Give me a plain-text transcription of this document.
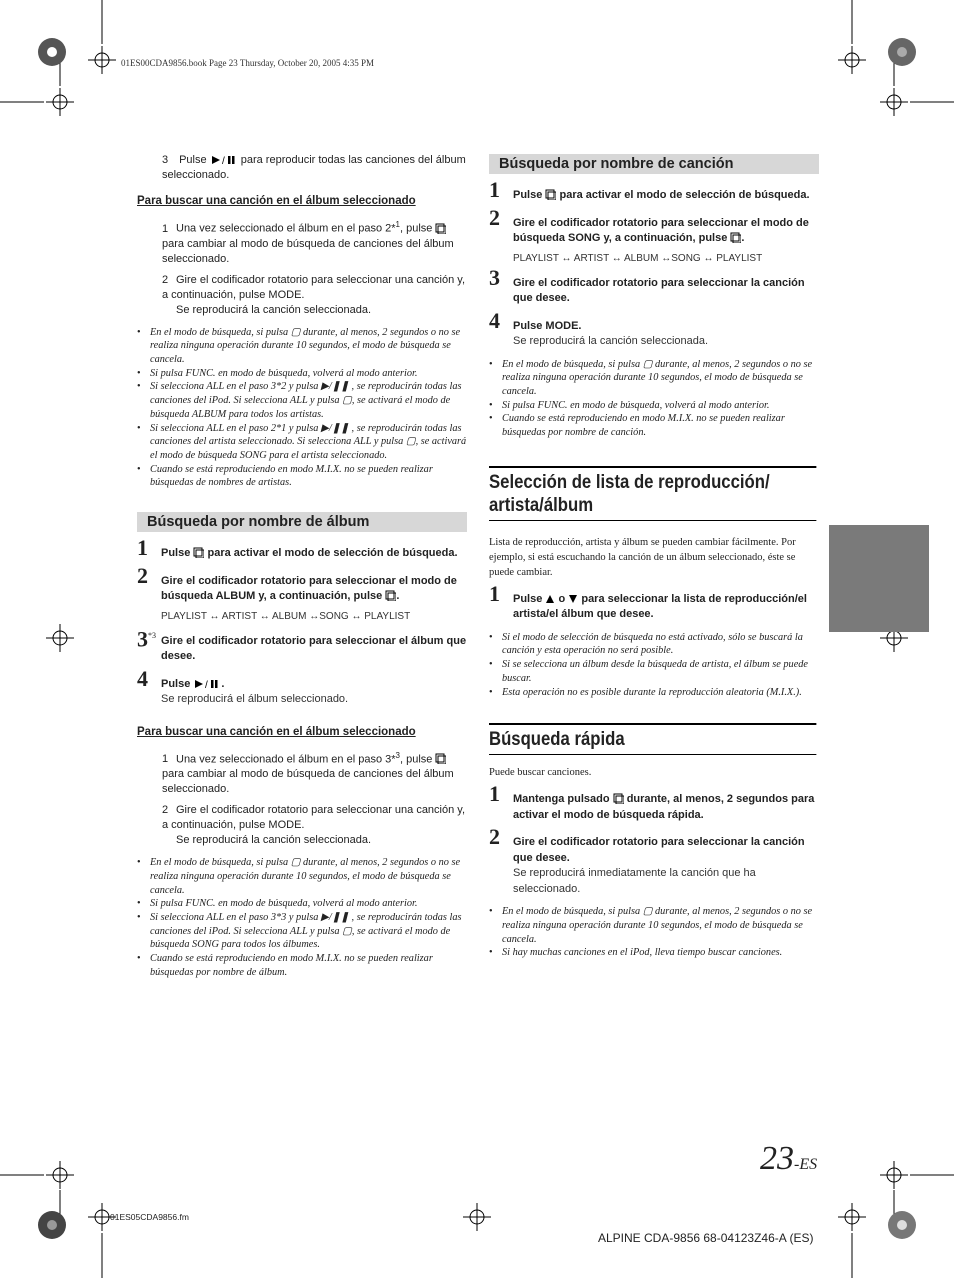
01ES00CDA9856.book Page 23 Thursday, October 20, 2005 4:35 PM
3 Pulse / para reproducir todas las canciones del álbum seleccionado.
Para buscar una canción en el álbum seleccionado
1 Una vez seleccionado el álbum en el paso 2*$^1$, pulse  para cambiar al modo de búsqueda de canciones del álbum seleccionado.
2 Gire el codificador rotatorio para seleccionar una canción y, a continuación, pulse MODE.
Se reproducirá la canción seleccionada.
• En el modo de búsqueda, si pulsa ▢ durante, al menos, 2 segundos o no se realiza ninguna operación durante 10 segundos, el modo de búsqueda se cancela.
• Si pulsa FUNC. en modo de búsqueda, volverá al modo anterior.
• Si selecciona ALL en el paso 3*2 y pulsa ▶/❚❚ , se reproducirán todas las canciones del iPod. Si selecciona ALL y pulsa ▢, se activará el modo de búsqueda ALBUM para todos los artistas.
• Si selecciona ALL en el paso 2*1 y pulsa ▶/❚❚ , se reproducirán todas las canciones del artista seleccionado. Si selecciona ALL y pulsa ▢, se activará el modo de búsqueda SONG para el artista seleccionado.
• Cuando se está reproduciendo en modo M.I.X. no se pueden realizar búsquedas de nombres de artistas.
Búsqueda por nombre de álbum
1 Pulse para activar el modo de selección de búsqueda.
2 Gire el codificador rotatorio para seleccionar el modo de búsqueda ALBUM y, a continuación, pulse .
PLAYLIST ↔ ARTIST ↔ ALBUM ↔SONG ↔ PLAYLIST
3$^{*3}$ Gire el codificador rotatorio para seleccionar el álbum que desee.
4 Pulse / .
Se reproducirá el álbum seleccionado.
Para buscar una canción en el álbum seleccionado
1 Una vez seleccionado el álbum en el paso 3*$^3$, pulse  para cambiar al modo de búsqueda de canciones del álbum seleccionado.
2 Gire el codificador rotatorio para seleccionar una canción y, a continuación, pulse MODE.
Se reproducirá la canción seleccionada.
• En el modo de búsqueda, si pulsa ▢ durante, al menos, 2 segundos o no se realiza ninguna operación durante 10 segundos, el modo de búsqueda se cancela.
• Si pulsa FUNC. en modo de búsqueda, volverá al modo anterior.
• Si selecciona ALL en el paso 3*3 y pulsa ▶/❚❚ , se reproducirán todas las canciones del iPod. Si selecciona ALL y pulsa ▢, se activará el modo de búsqueda SONG para todos los álbumes.
• Cuando se está reproduciendo en modo M.I.X. no se pueden realizar búsquedas por nombre de álbum.
Búsqueda por nombre de canción
1 Pulse para activar el modo de selección de búsqueda.
2 Gire el codificador rotatorio para seleccionar el modo de búsqueda SONG y, a continuación, pulse .
PLAYLIST ↔ ARTIST ↔ ALBUM ↔SONG ↔ PLAYLIST
3 Gire el codificador rotatorio para seleccionar la canción que desee.
4 Pulse MODE.
Se reproducirá la canción seleccionada.
• En el modo de búsqueda, si pulsa ▢ durante, al menos, 2 segundos o no se realiza ninguna operación durante 10 segundos, el modo de búsqueda se cancela.
• Si pulsa FUNC. en modo de búsqueda, volverá al modo anterior.
• Cuando se está reproduciendo en modo M.I.X. no se pueden realizar búsquedas por nombre de canción.
Selección de lista de reproducción/ artista/álbum
Lista de reproducción, artista y álbum se pueden cambiar fácilmente. Por ejemplo, si está escuchando la canción de un álbum seleccionado, éste se puede cambiar.
1 Pulse o para seleccionar la lista de reproducción/el artista/el álbum que desee.
• Si el modo de selección de búsqueda no está activado, sólo se buscará la canción y esta operación no será posible.
• Si se selecciona un álbum desde la búsqueda de artista, el álbum se puede buscar.
• Esta operación no es posible durante la reproducción aleatoria (M.I.X.).
Búsqueda rápida
Puede buscar canciones.
1 Mantenga pulsado durante, al menos, 2 segundos para activar el modo de búsqueda rápida.
2 Gire el codificador rotatorio para seleccionar la canción que desee.
Se reproducirá inmediatamente la canción que ha seleccionado.
• En el modo de búsqueda, si pulsa ▢ durante, al menos, 2 segundos o no se realiza ninguna operación durante 10 segundos, el modo de búsqueda se cancela.
• Si hay muchas canciones en el iPod, lleva tiempo buscar canciones.
23-ES
01ES05CDA9856.fm
ALPINE CDA-9856 68-04123Z46-A (ES)
